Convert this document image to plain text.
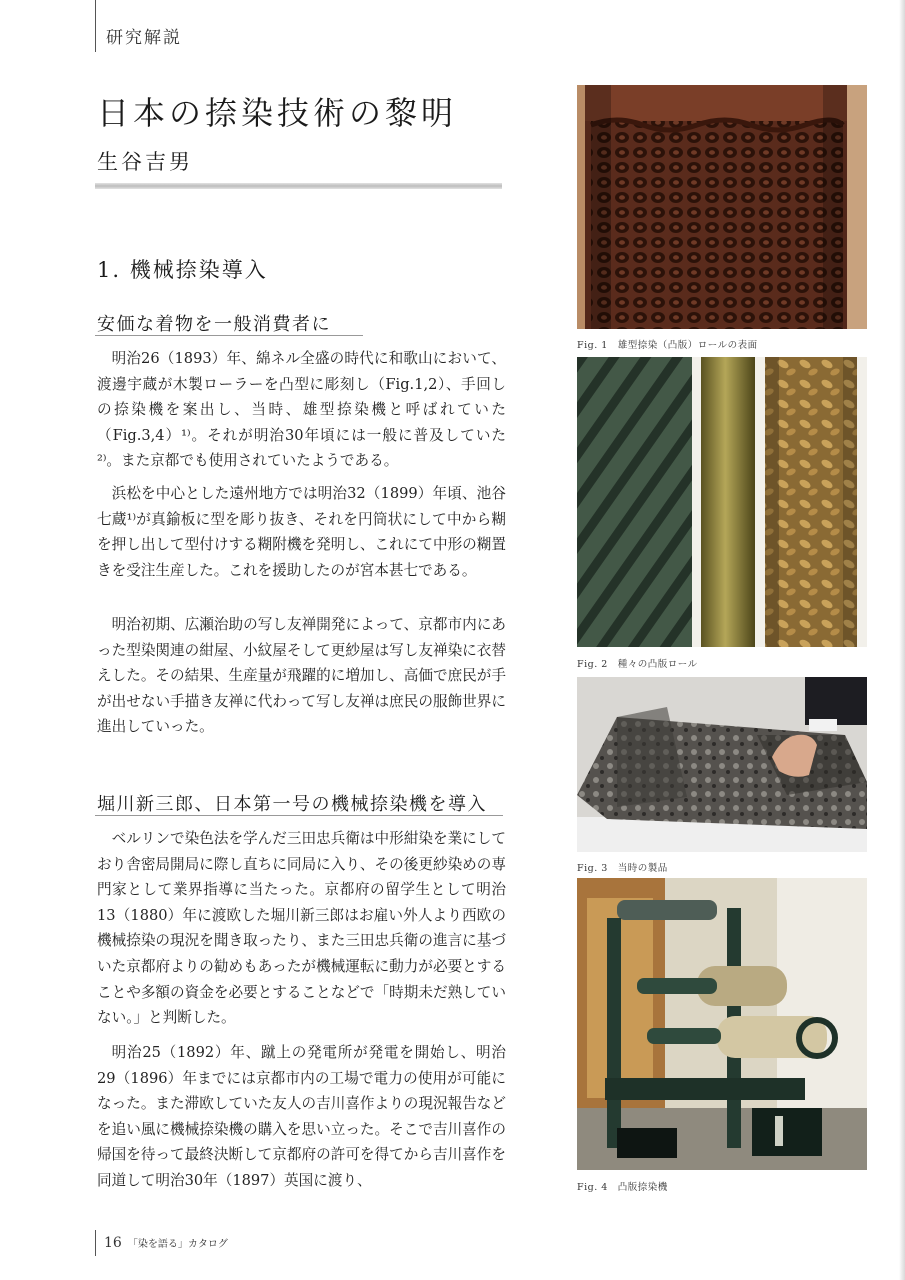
研究解説
日本の捺染技術の黎明
生谷吉男
1. 機械捺染導入
安価な着物を一般消費者に

明治26（1893）年、綿ネル全盛の時代に和歌山において、渡邊宇蔵が木製ローラーを凸型に彫刻し（Fig.1,2）、手回しの捺染機を案出し、当時、雄型捺染機と呼ばれていた（Fig.3,4）¹⁾。それが明治30年頃には一般に普及していた²⁾。また京都でも使用されていたようである。

浜松を中心とした遠州地方では明治32（1899）年頃、池谷七蔵¹⁾が真鍮板に型を彫り抜き、それを円筒状にして中から糊を押し出して型付けする糊附機を発明し、これにて中形の糊置きを受注生産した。これを援助したのが宮本甚七である。

明治初期、広瀬治助の写し友禅開発によって、京都市内にあった型染関連の紺屋、小紋屋そして更紗屋は写し友禅染に衣替えした。その結果、生産量が飛躍的に増加し、高価で庶民が手が出せない手描き友禅に代わって写し友禅は庶民の服飾世界に進出していった。

堀川新三郎、日本第一号の機械捺染機を導入

ベルリンで染色法を学んだ三田忠兵衛は中形紺染を業にしており舎密局開局に際し直ちに同局に入り、その後更紗染めの専門家として業界指導に当たった。京都府の留学生として明治13（1880）年に渡欧した堀川新三郎はお雇い外人より西欧の機械捺染の現況を聞き取ったり、また三田忠兵衛の進言に基づいた京都府よりの勧めもあったが機械運転に動力が必要とすることや多額の資金を必要とすることなどで「時期未だ熟していない。」と判断した。

明治25（1892）年、蹴上の発電所が発電を開始し、明治29（1896）年までには京都市内の工場で電力の使用が可能になった。また滞欧していた友人の吉川喜作よりの現況報告などを追い風に機械捺染機の購入を思い立った。そこで吉川喜作の帰国を待って最終決断して京都府の許可を得てから吉川喜作を同道して明治30年（1897）英国に渡り、

Fig. 1　雄型捺染（凸版）ロールの表面
Fig. 2　種々の凸版ロール
Fig. 3　当時の製品
Fig. 4　凸版捺染機
16 「染を語る」カタログ
